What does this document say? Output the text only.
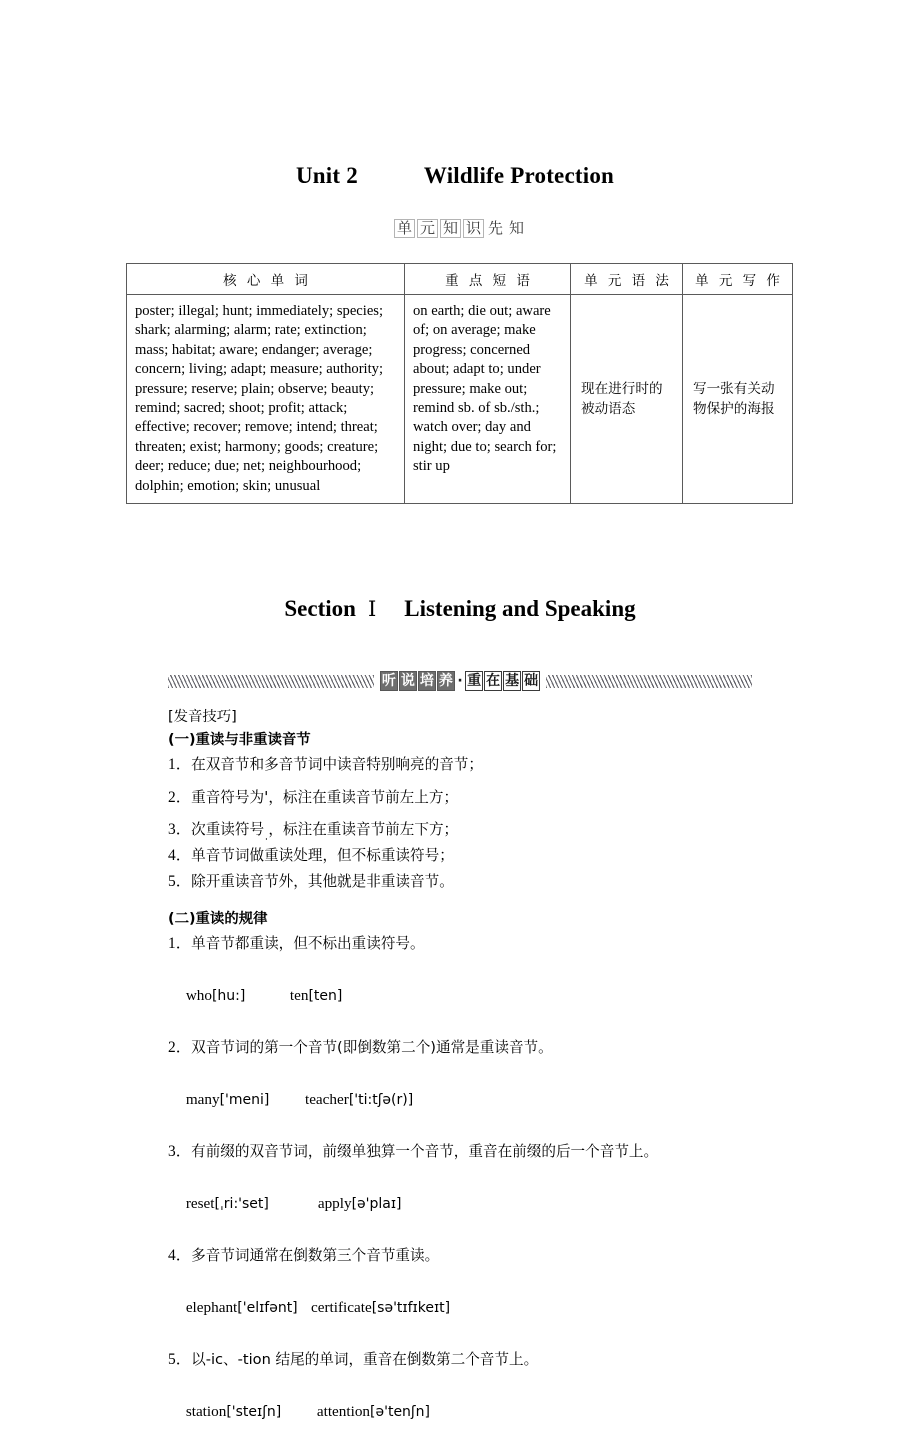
Unit 2	Wildlife Protection
单 元 知 识 先 知
核 心 单 词	重 点 短 语	单 元 语 法	单 元 写 作
poster; illegal; hunt; immediately; species; shark; alarming; alarm; rate; extinction; mass; habitat; aware; endanger; average; concern; living; adapt; measure; authority; pressure; reserve; plain; observe; beauty; remind; sacred; shoot; profit; attack; effective; recover; remove; intend; threat; threaten; exist; harmony; goods; creature; deer; reduce; due; net; neighbourhood; dolphin; emotion; skin; unusual	on earth; die out; aware of; on average; make progress; concerned about; adapt to; under pressure; make out; remind sb. of sb./sth.; watch over; day and night; due to; search for; stir up	现在进行时的被动语态	写一张有关动物保护的海报
Section Ⅰ Listening and Speaking
听 说 培 养 · 重 在 基 础
[发音技巧]
(一)重读与非重读音节
1．在双音节和多音节词中读音特别响亮的音节；
2．重音符号为'，标注在重读音节前左上方；
3．次重读符号ˌ，标注在重读音节前左下方；
4．单音节词做重读处理，但不标重读符号；
5．除开重读音节外，其他就是非重读音节。
(二)重读的规律
1．单音节都重读，但不标出重读符号。

who[hu:]	ten[ten]

2．双音节词的第一个音节(即倒数第二个)通常是重读音节。

many['meni] teacher['ti:tʃə(r)]

3．有前缀的双音节词，前缀单独算一个音节，重音在前缀的后一个音节上。

reset[ˌri:'set]	apply[ə'plaɪ]

4．多音节词通常在倒数第三个音节重读。

elephant['elɪfənt] certificate[sə'tɪfɪkeɪt]

5．以-ic、-tion 结尾的单词，重音在倒数第二个音节上。

station['steɪʃn] attention[ə'tenʃn]
